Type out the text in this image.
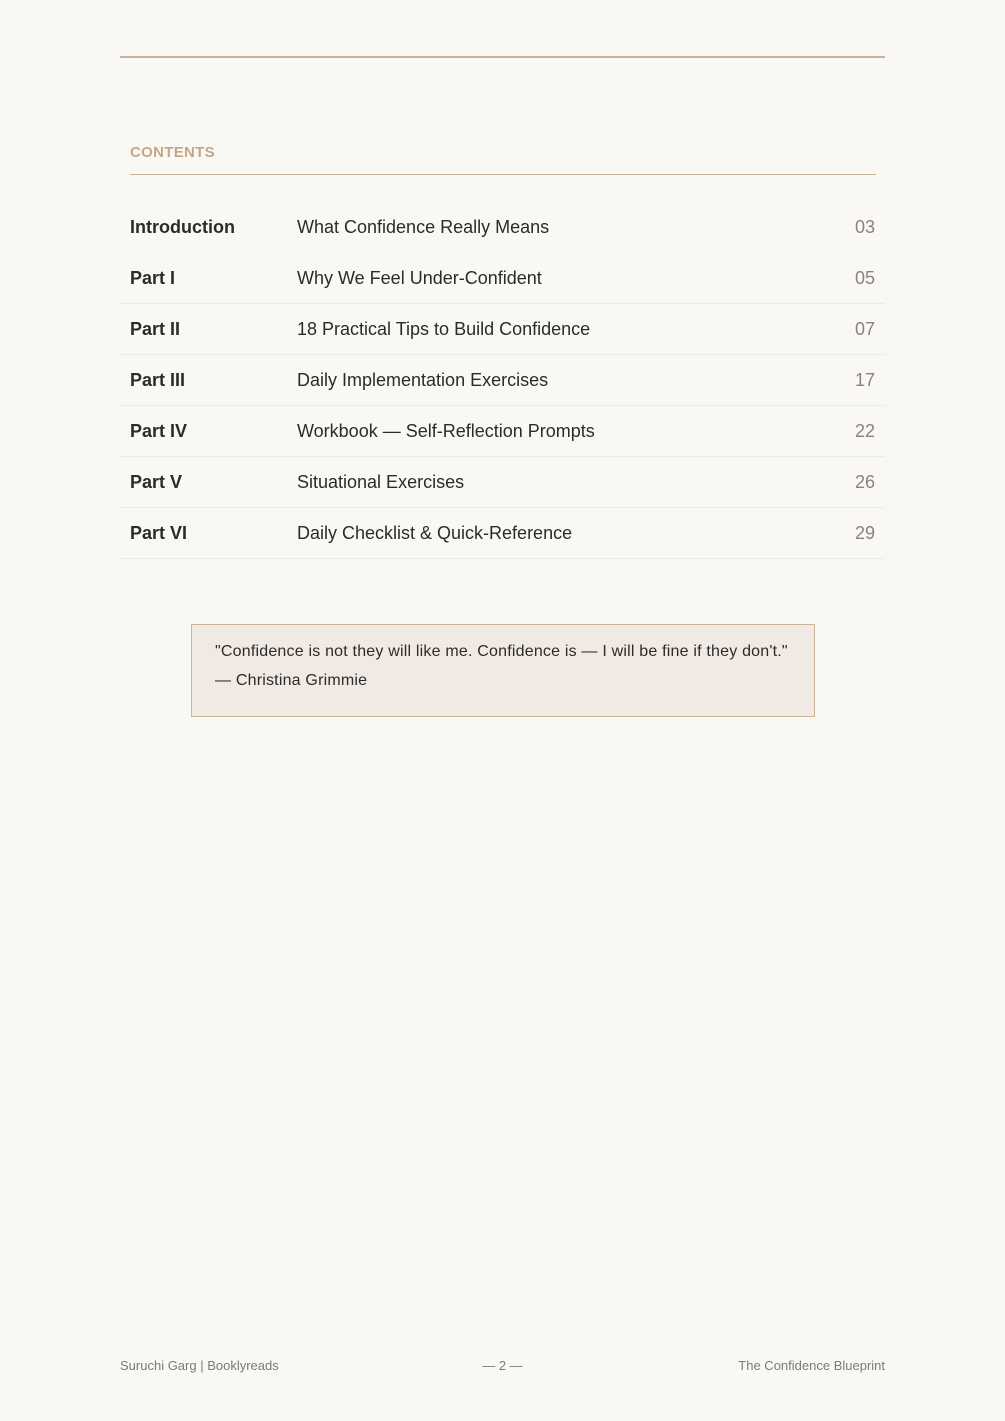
CONTENTS
Introduction	What Confidence Really Means	03
Part I	Why We Feel Under-Confident	05
Part II	18 Practical Tips to Build Confidence	07
Part III	Daily Implementation Exercises	17
Part IV	Workbook — Self-Reflection Prompts	22
Part V	Situational Exercises	26
Part VI	Daily Checklist & Quick-Reference	29
"Confidence is not they will like me. Confidence is — I will be fine if they don't." — Christina Grimmie
Suruchi Garg | Booklyreads	— 2 —	The Confidence Blueprint
